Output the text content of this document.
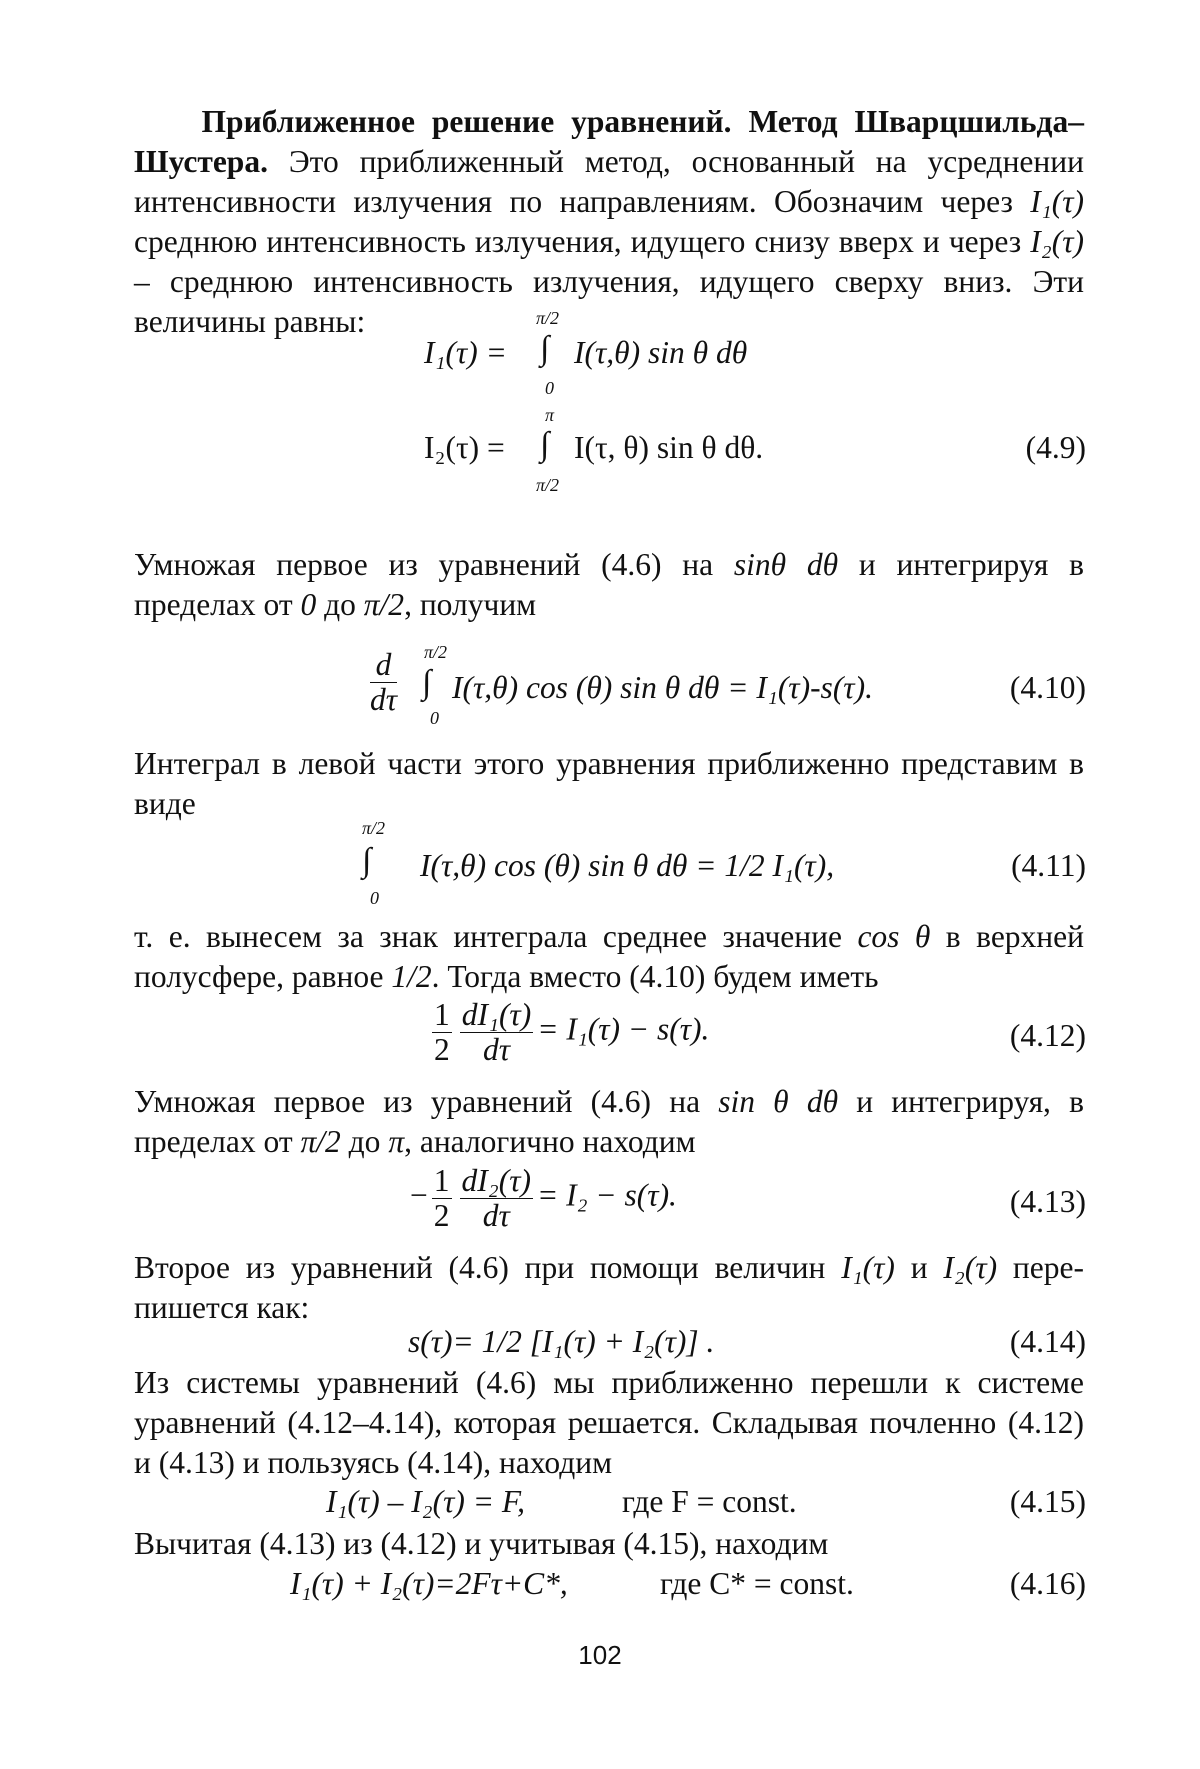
Приближенное решение уравнений. Метод Шварцшильда–Шустера. Это приближенный метод, основанный на усреднении интенсивности излучения по направлениям. Обозначим через I₁(τ) среднюю интенсивность излучения, идущего снизу вверх и через I₂(τ) – среднюю интенсивность излучения, идущего сверху вниз. Эти величины равны:	π/2
I₁(τ) = ∫ I(τ,θ) sin θ dθ
0
π
I₂(τ) = ∫ I(τ, θ) sin θ dθ.
π/2
(4.9)
Умножая первое из уравнений (4.6) на sinθ dθ и интегрируя в пределах от 0 до π/2, получим
$\frac{d}{d\tau} \pi/2$
∫
0
I(τ,θ) cos (θ) sin θ dθ = I₁(τ)-s(τ).	(4.10)
Интеграл в левой части этого уравнения приближенно представим в виде
π/2
∫
0
I(τ,θ) cos (θ) sin θ dθ = 1/2 I₁(τ),	(4.11)
т. е. вынесем за знак интеграла среднее значение cos θ в верхней полусфере, равное 1/2. Тогда вместо (4.10) будем иметь
$\frac{1}{2} \frac{\text{dI₁(τ)}}{d\tau} = I_1(\tau) - s(\tau)$.	(4.12)
Умножая первое из уравнений (4.6) на sin θ dθ и интегрируя, в пределах от π/2 до π, аналогично находим
− $\frac{1}{2} \frac{\text{dI₂(τ)}}{d\tau} = I_2 - s(\tau)$.	(4.13)
Второе из уравнений (4.6) при помощи величин I₁(τ) и I₂(τ) перепишется как:
s(τ)= 1/2 [I₁(τ) + I₂(τ)] .	(4.14)
Из системы уравнений (4.6) мы приближенно перешли к системе уравнений (4.12–4.14), которая решается. Складывая почленно (4.12) и (4.13) и пользуясь (4.14), находим
I₁(τ) – I₂(τ) = F,	где F = const.	(4.15)
Вычитая (4.13) из (4.12) и учитывая (4.15), находим
I₁(τ) + I₂(τ)=2Fτ+C*,	где C* = const.	(4.16)
102
